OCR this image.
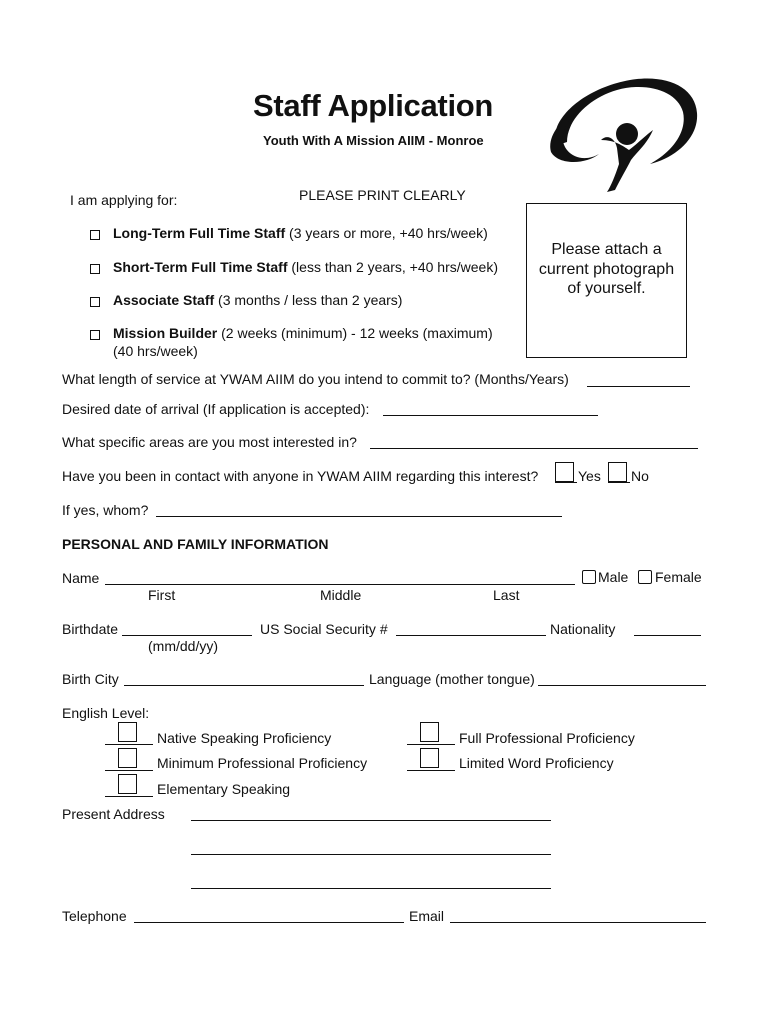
Staff Application
Youth With A Mission AIIM - Monroe
I am applying for:	PLEASE PRINT CLEARLY
Long-Term Full Time Staff (3 years or more, +40 hrs/week)
Short-Term Full Time Staff (less than 2 years, +40 hrs/week)
Associate Staff (3 months / less than 2 years)
Mission Builder (2 weeks (minimum) - 12 weeks (maximum)
(40 hrs/week)
Please attach a current photograph of yourself.
What length of service at YWAM AIIM do you intend to commit to? (Months/Years)
Desired date of arrival (If application is accepted):
What specific areas are you most interested in?
Have you been in contact with anyone in YWAM AIIM regarding this interest?	Yes No
If yes, whom?
PERSONAL AND FAMILY INFORMATION
Name	Male Female
First	Middle	Last
Birthdate
(mm/dd/yy)
US Social Security #	Nationality
Birth City	Language (mother tongue)
English Level:
Native Speaking Proficiency	Full Professional Proficiency
Minimum Professional Proficiency	Limited Word Proficiency
Elementary Speaking
Present Address
Telephone	Email
